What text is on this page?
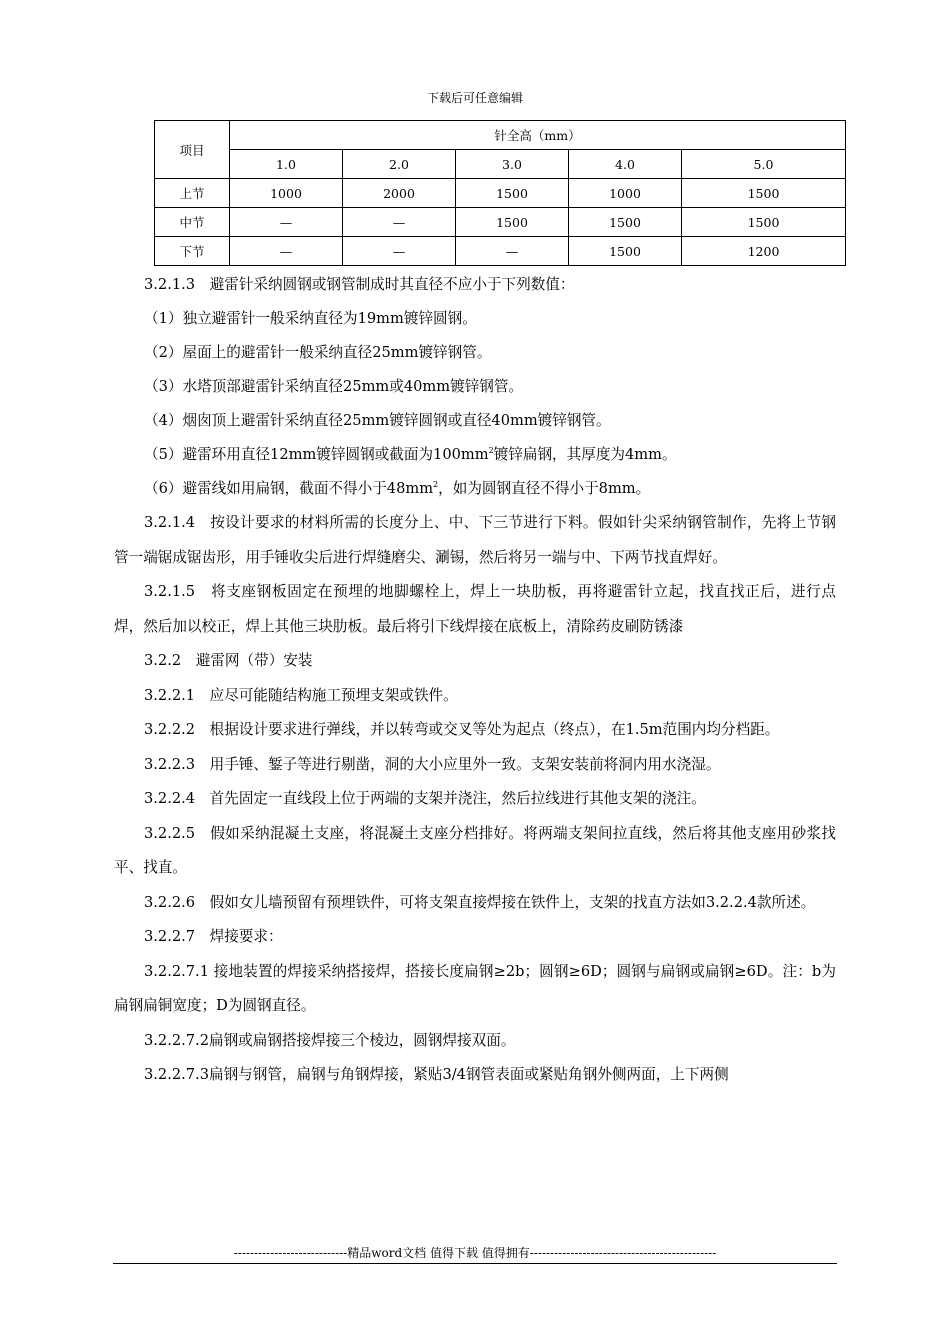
下载后可任意编辑
项目	针全高（mm）				
	1.0	2.0	3.0	4.0	5.0
上节	1000	2000	1500	1000	1500
中节	—	—	1500	1500	1500
下节	—	—	—	1500	1200

3.2.1.3　避雷针采纳圆钢或钢管制成时其直径不应小于下列数值：

（1）独立避雷针一般采纳直径为19mm镀锌圆钢。

（2）屋面上的避雷针一般采纳直径25mm镀锌钢管。

（3）水塔顶部避雷针采纳直径25mm或40mm镀锌钢管。

（4）烟囱顶上避雷针采纳直径25mm镀锌圆钢或直径40mm镀锌钢管。

（5）避雷环用直径12mm镀锌圆钢或截面为$100mm^2$镀锌扁钢，其厚度为4mm。

（6）避雷线如用扁钢，截面不得小于$48mm^2$，如为圆钢直径不得小于8mm。

3.2.1.4　按设计要求的材料所需的长度分上、中、下三节进行下料。假如针尖采纳钢管制作，先将上节钢管一端锯成锯齿形，用手锤收尖后进行焊缝磨尖、涮锡，然后将另一端与中、下两节找直焊好。

3.2.1.5　将支座钢板固定在预埋的地脚螺栓上，焊上一块肋板，再将避雷针立起，找直找正后，进行点焊，然后加以校正，焊上其他三块肋板。最后将引下线焊接在底板上，清除药皮刷防锈漆

3.2.2　避雷网（带）安装

3.2.2.1　应尽可能随结构施工预埋支架或铁件。

3.2.2.2　根据设计要求进行弹线，并以转弯或交叉等处为起点（终点），在1.5m范围内均分档距。

3.2.2.3　用手锤、錾子等进行剔凿，洞的大小应里外一致。支架安装前将洞内用水浇湿。

3.2.2.4　首先固定一直线段上位于两端的支架并浇注，然后拉线进行其他支架的浇注。

3.2.2.5　假如采纳混凝土支座，将混凝土支座分档排好。将两端支架间拉直线，然后将其他支座用砂浆找平、找直。

3.2.2.6　假如女儿墙预留有预埋铁件，可将支架直接焊接在铁件上，支架的找直方法如3.2.2.4款所述。

3.2.2.7　焊接要求：

3.2.2.7.1 接地装置的焊接采纳搭接焊，搭接长度扁钢≥2b；圆钢≥6D；圆钢与扁钢或扁钢≥6D。注：b为扁钢扁铜宽度；D为圆钢直径。

3.2.2.7.2扁钢或扁钢搭接焊接三个棱边，圆钢焊接双面。

3.2.2.7.3扁钢与钢管，扁钢与角钢焊接，紧贴3/4钢管表面或紧贴角钢外侧两面，上下两侧

----------------------------精品word文档 值得下载 值得拥有----------------------------------------------
